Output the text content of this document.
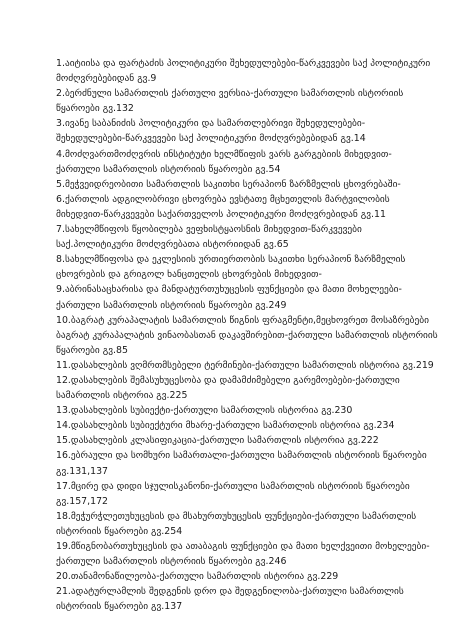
1.აიტიისა და ფარტაძის პოლიტიკური შეხედულებები-წარკვევები საქ პოლიტიკური
მოძღვრებებიდან გვ.9
2.ბერძნული სამართლის ქართული ვერსია-ქართული სამართლის ისტორიის
წყაროები გვ.132
3.ივანე საბანიძის პოლიტიკური და სამართლებრივი შეხედულებები-
შეხედულებები-წარკვევები საქ პოლიტიკური მოძღვრებებიდან გვ.14
4.მოძღვართმოძღვრის ინსტიტუტი ხელმწიფის ვარს გარგებიის მიხედვით-
ქართული სამართლის ისტორიის წყაროები გვ.54
5.მეჭვეიდრეობითი სამართლის საკითხი სერაპიონ ზარზმელის ცხოვრებაში-
6.ქართლის ადგილობრივი ცხოვრება ევსტათე მცხეთელის მარტვილობის
მიხედვით-წარკვევები საქართველოს პოლიტიკური მოძღვრებიდან გვ.11
7.სახელმწიფოს წყობილება ვეფხისტყაოსნის მიხედვით-წარკვევები
საქ.პოლიტიკური მოძღვრებათა ისტორიიდან გვ.65
8.სახელმწიფოსა და ეკლესიის ურთიერთობის საკითხი სერაპიონ ზარზმელის
ცხოვრების და გრიგოლ ხანცთელის ცხოვრების მიხედვით-
9.აბრინასაცხარისა და მანდატურთუხუცესის ფუნქციები და მათი მოხელეები-
ქართული სამართლის ისტორიის წყაროები გვ.249
10.ბაგრატ კურაპალატის სამართლის წიგნის ფრაგმენტი,მეცხოვრეთ მოსაზრებები
ბაგრატ კურაპალატის ვინაობასთან დაკავშირებით-ქართული სამართლის ისტორიის
წყაროები გვ.85
11.დასახლების ვღმრთმსებელი ტერმინები-ქართული სამართლის ისტორია გვ.219
12.დასახლების შემასუხუცესობა და დამამძიმებელი გარემოებები-ქართული
სამართლის ისტორია გვ.225
13.დასახლების სუბიექტი-ქართული სამართლის ისტორია გვ.230
14.დასახლების სუბიექტური მხარე-ქართული სამართლის ისტორია გვ.234
15.დასახლების კლასიფიკაცია-ქართული სამართლის ისტორია გვ.222
16.ებრაული და სომხური სამართალი-ქართული სამართლის ისტორიის წყაროები
გვ.131,137
17.მცირე და დიდი სჯულისკანონი-ქართული სამართლის ისტორიის წყაროები
გვ.157,172
18.მეჭურჭლეთუხუცესის და მსახურთუხუცესის ფუნქციები-ქართული სამართლის
ისტორიის წყაროები გვ.254
19.მწიგნობართუხუცესის და ათაბაგის ფუნქციები და მათი ხელქვეითი მოხელეები-
ქართული სამართლის ისტორიის წყაროები გვ.246
20.თანამონაწილეობა-ქართული სამართლის ისტორია გვ.229
21.ადატურლამლის შედგენის დრო და შედგენილობა-ქართული სამართლის
ისტორიის წყაროები გვ.137
